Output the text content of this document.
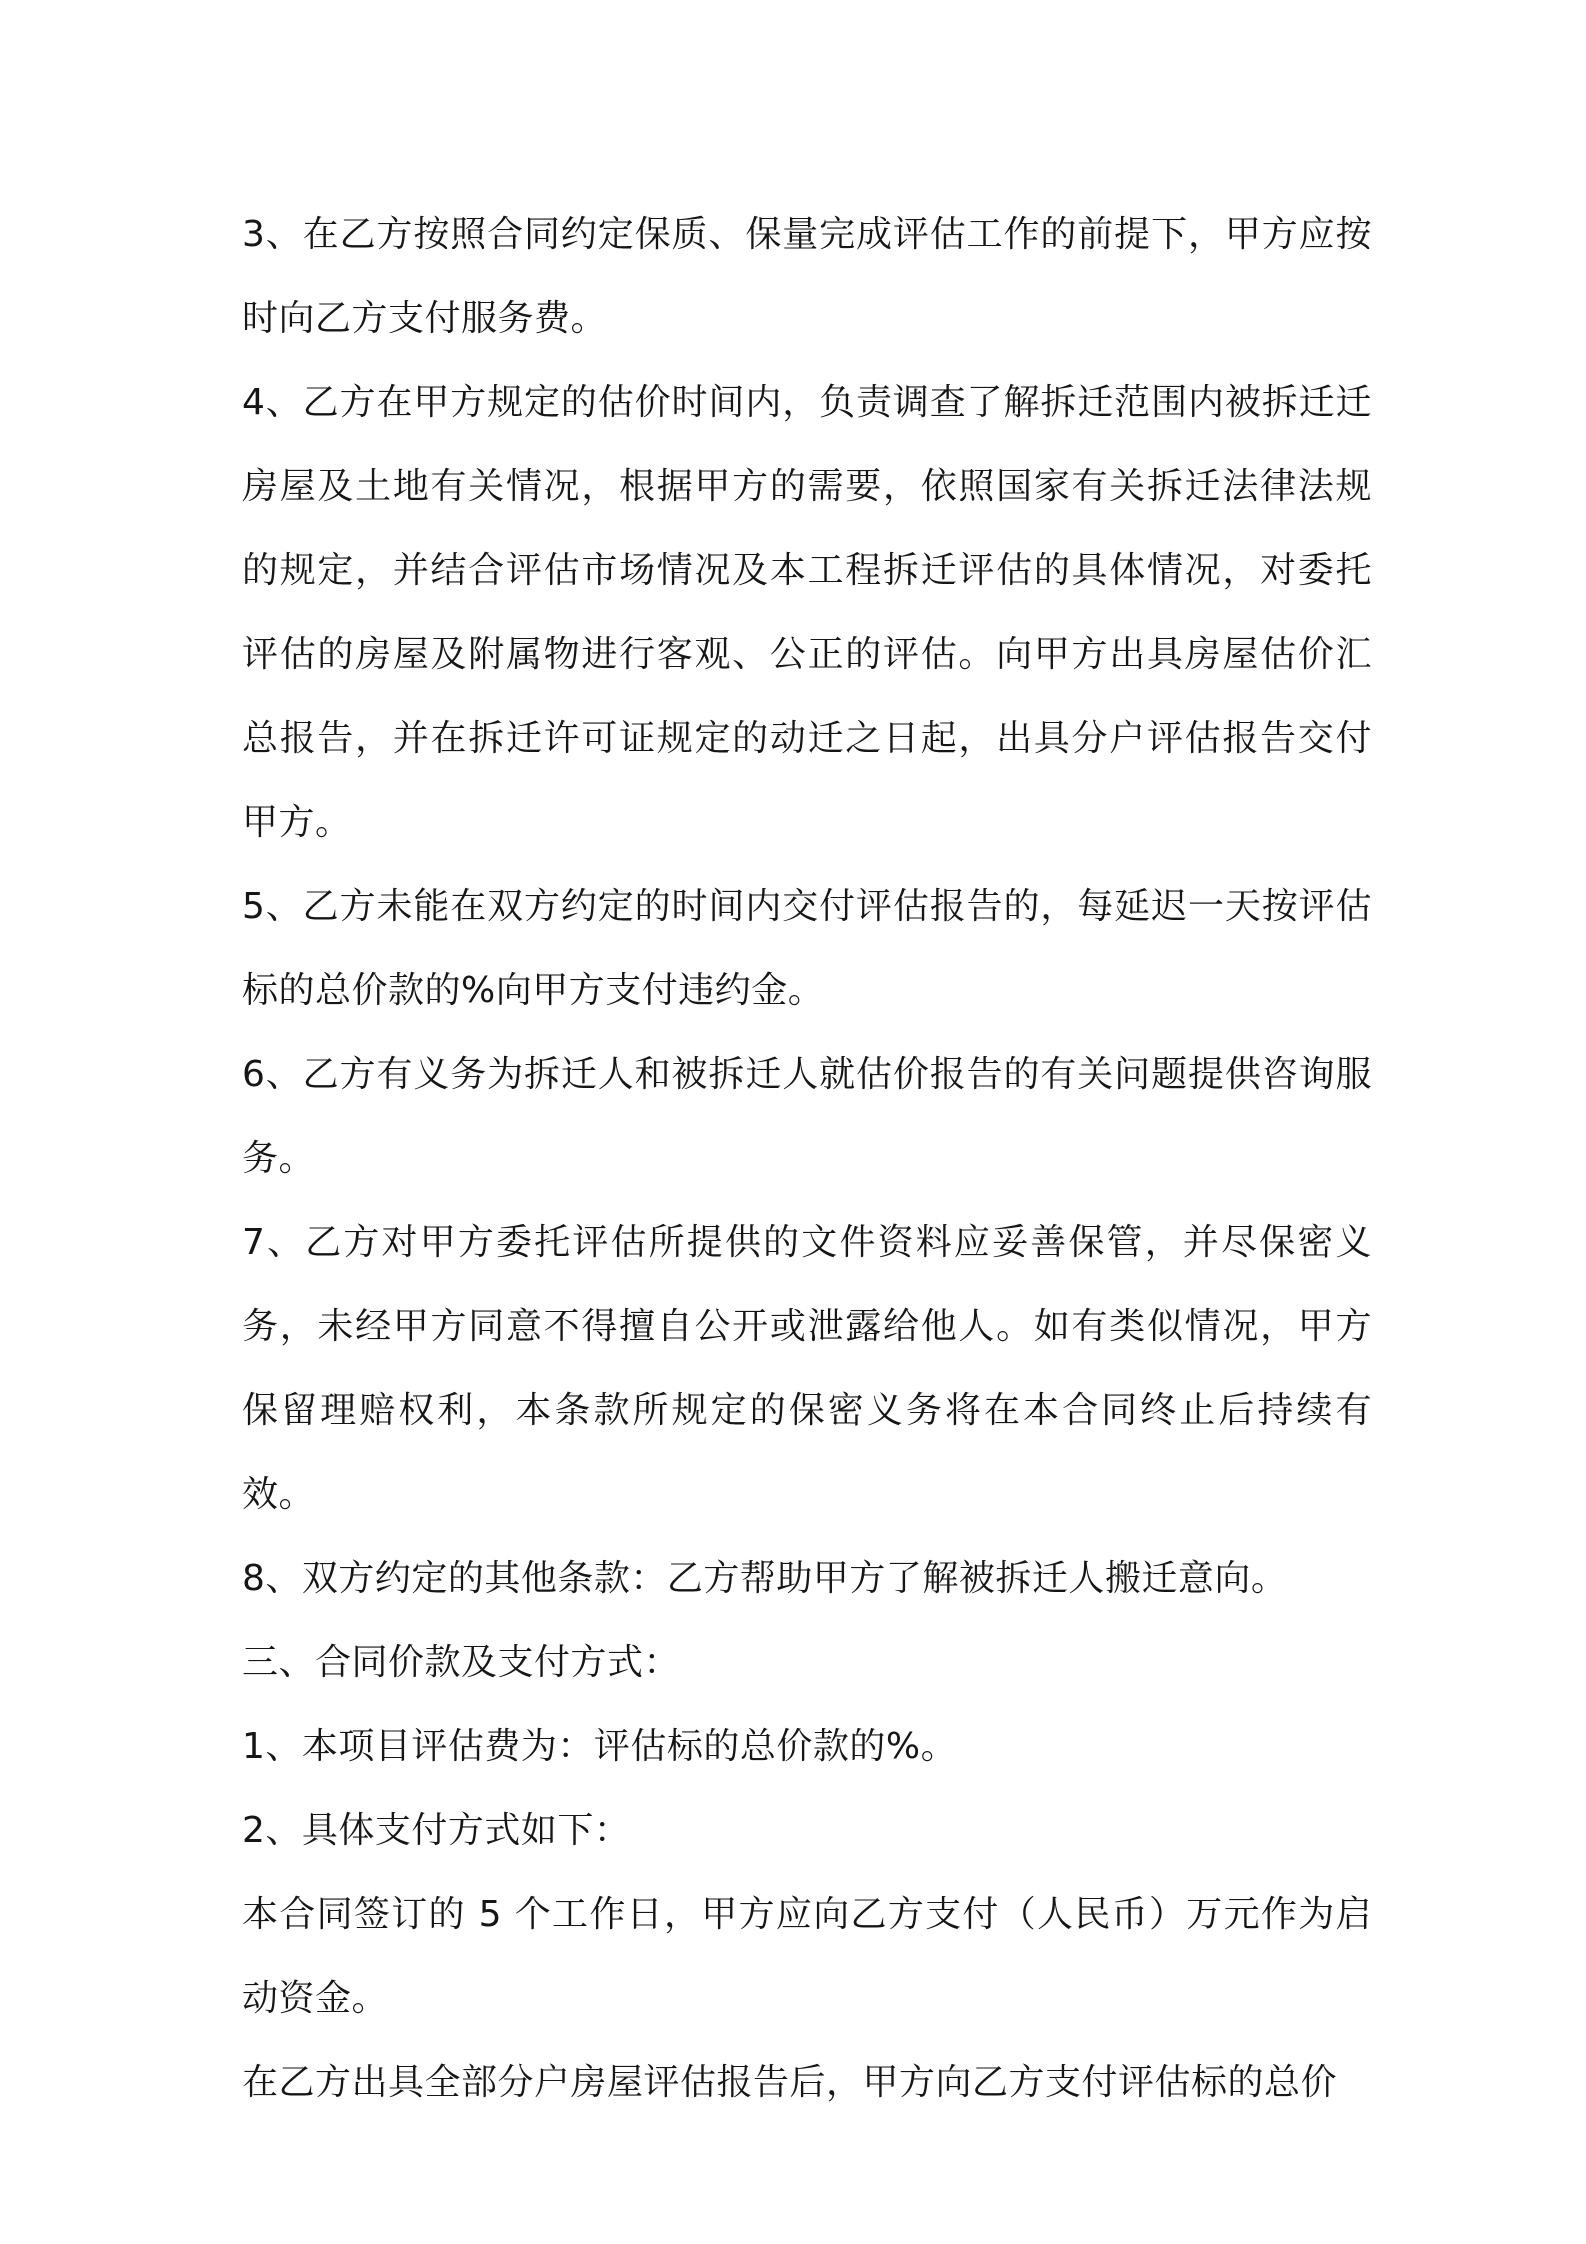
3、在乙方按照合同约定保质、保量完成评估工作的前提下，甲方应按时向乙方支付服务费。

4、乙方在甲方规定的估价时间内，负责调查了解拆迁范围内被拆迁迁房屋及土地有关情况，根据甲方的需要，依照国家有关拆迁法律法规的规定，并结合评估市场情况及本工程拆迁评估的具体情况，对委托评估的房屋及附属物进行客观、公正的评估。向甲方出具房屋估价汇总报告，并在拆迁许可证规定的动迁之日起，出具分户评估报告交付甲方。

5、乙方未能在双方约定的时间内交付评估报告的，每延迟一天按评估标的总价款的%向甲方支付违约金。

6、乙方有义务为拆迁人和被拆迁人就估价报告的有关问题提供咨询服务。

7、乙方对甲方委托评估所提供的文件资料应妥善保管，并尽保密义务，未经甲方同意不得擅自公开或泄露给他人。如有类似情况，甲方保留理赔权利，本条款所规定的保密义务将在本合同终止后持续有效。

8、双方约定的其他条款：乙方帮助甲方了解被拆迁人搬迁意向。

三、合同价款及支付方式：

1、本项目评估费为：评估标的总价款的%。

2、具体支付方式如下：

本合同签订的 5 个工作日，甲方应向乙方支付（人民币）万元作为启动资金。

在乙方出具全部分户房屋评估报告后，甲方向乙方支付评估标的总价
